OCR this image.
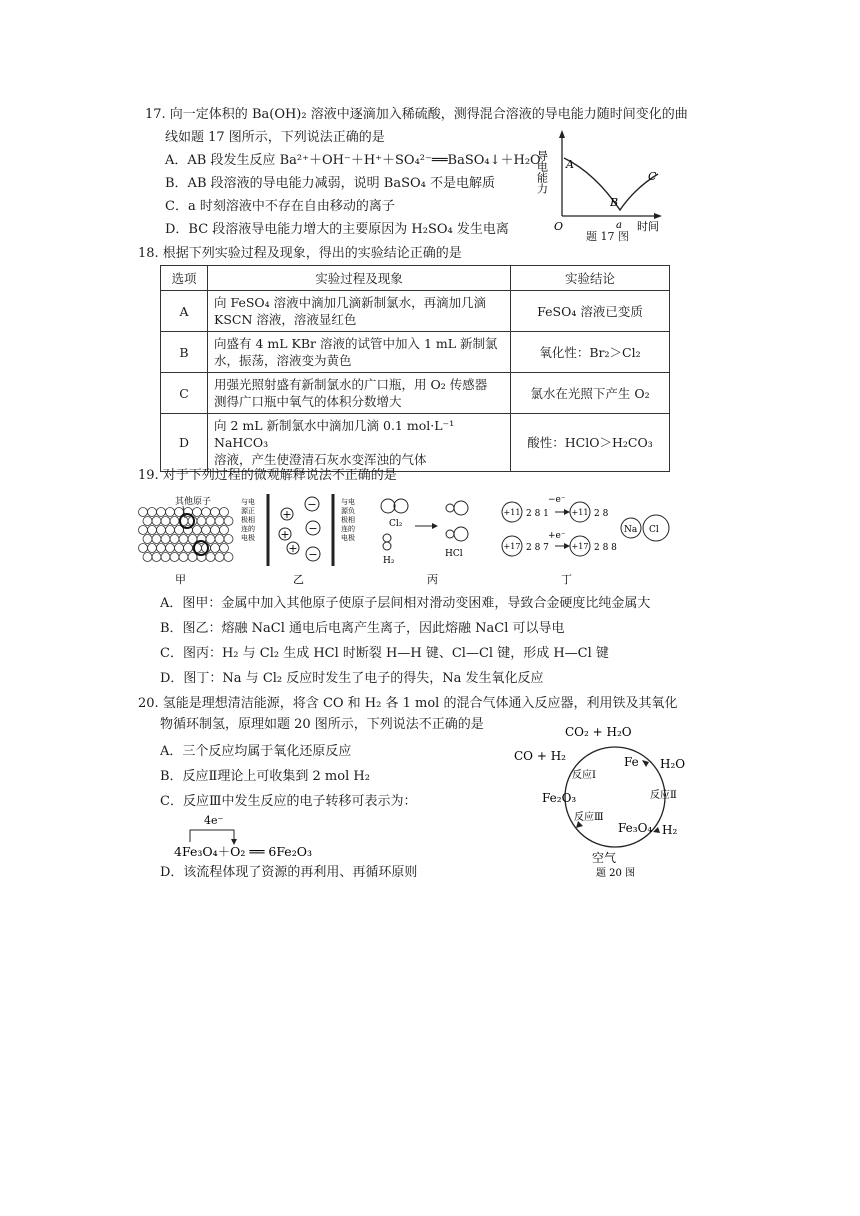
17. 向一定体积的 Ba(OH)₂ 溶液中逐滴加入稀硫酸，测得混合溶液的导电能力随时间变化的曲
线如题 17 图所示，下列说法正确的是
A．AB 段发生反应 Ba²⁺＋OH⁻＋H⁺＋SO₄²⁻══BaSO₄↓＋H₂O
B．AB 段溶液的导电能力减弱，说明 BaSO₄ 不是电解质
C．a 时刻溶液中不存在自由移动的离子
D．BC 段溶液导电能力增大的主要原因为 H₂SO₄ 发生电离
导电能力
时间
O
A
B
C
a
题 17 图
18. 根据下列实验过程及现象，得出的实验结论正确的是
选项	实验过程及现象	实验结论
A	向 FeSO₄ 溶液中滴加几滴新制氯水，再滴加几滴
KSCN 溶液，溶液显红色	FeSO₄ 溶液已变质
B	向盛有 4 mL KBr 溶液的试管中加入 1 mL 新制氯
水，振荡，溶液变为黄色	氧化性：Br₂＞Cl₂
C	用强光照射盛有新制氯水的广口瓶，用 O₂ 传感器
测得广口瓶中氧气的体积分数增大	氯水在光照下产生 O₂
D	向 2 mL 新制氯水中滴加几滴 0.1 mol·L⁻¹ NaHCO₃
溶液，产生使澄清石灰水变浑浊的气体	酸性：HClO＞H₂CO₃
19. 对于下列过程的微观解释说法不正确的是
其他原子
甲
−
+
−
+
+ −
与电
源正
极相
连的
电极
与电
源负
极相
连的
电极
乙
Cl₂
H₂
HCl
丙
+11	+11
+17	+17
2 8 1	2 8
2 8 7	2 8 8
−e⁻
+e⁻
Na Cl
丁
A．图甲：金属中加入其他原子使原子层间相对滑动变困难，导致合金硬度比纯金属大
B．图乙：熔融 NaCl 通电后电离产生离子，因此熔融 NaCl 可以导电
C．图丙：H₂ 与 Cl₂ 生成 HCl 时断裂 H—H 键、Cl—Cl 键，形成 H—Cl 键
D．图丁：Na 与 Cl₂ 反应时发生了电子的得失，Na 发生氧化反应
20. 氢能是理想清洁能源，将含 CO 和 H₂ 各 1 mol 的混合气体通入反应器，利用铁及其氧化
物循环制氢，原理如题 20 图所示，下列说法不正确的是
A．三个反应均属于氧化还原反应
B．反应Ⅱ理论上可收集到 2 mol H₂
C．反应Ⅲ中发生反应的电子转移可表示为：
4e⁻
4Fe₃O₄＋O₂ ══ 6Fe₂O₃
D．该流程体现了资源的再利用、再循环原则
CO₂ + H₂O
CO + H₂	Fe H₂O
反应Ⅰ
反应Ⅱ
反应Ⅲ
Fe₂O₃
Fe₃O₄ H₂
空气
题 20 图
